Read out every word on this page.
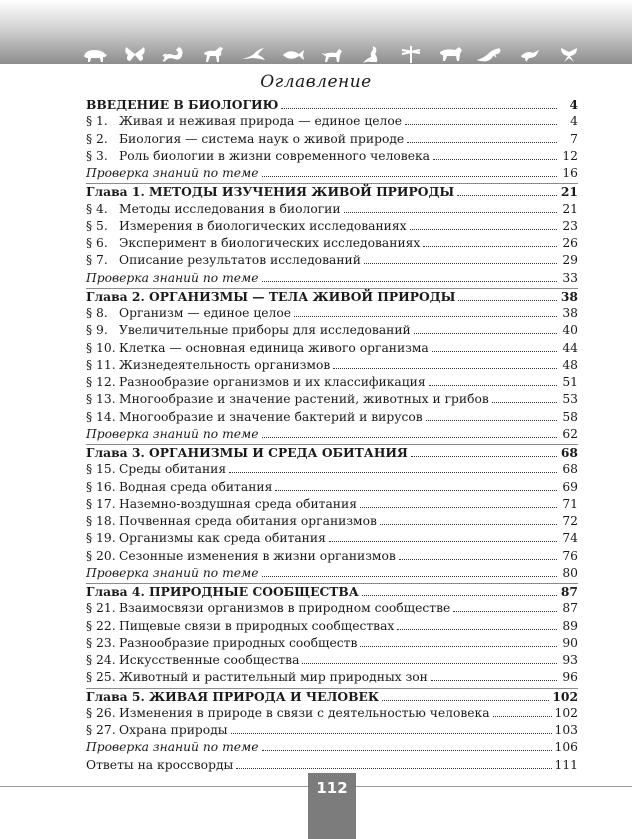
Оглавление
ВВЕДЕНИЕ В БИОЛОГИЮ	4
§ 1. Живая и неживая природа — единое целое	4
§ 2. Биология — система наук о живой природе	7
§ 3. Роль биологии в жизни современного человека	12
Проверка знаний по теме	16
Глава 1. МЕТОДЫ ИЗУЧЕНИЯ ЖИВОЙ ПРИРОДЫ	21
§ 4. Методы исследования в биологии	21
§ 5. Измерения в биологических исследованиях	23
§ 6. Эксперимент в биологических исследованиях	26
§ 7. Описание результатов исследований	29
Проверка знаний по теме	33
Глава 2. ОРГАНИЗМЫ — ТЕЛА ЖИВОЙ ПРИРОДЫ	38
§ 8. Организм — единое целое	38
§ 9. Увеличительные приборы для исследований	40
§ 10. Клетка — основная единица живого организма	44
§ 11. Жизнедеятельность организмов	48
§ 12. Разнообразие организмов и их классификация	51
§ 13. Многообразие и значение растений, животных и грибов	53
§ 14. Многообразие и значение бактерий и вирусов	58
Проверка знаний по теме	62
Глава 3. ОРГАНИЗМЫ И СРЕДА ОБИТАНИЯ	68
§ 15. Среды обитания	68
§ 16. Водная среда обитания	69
§ 17. Наземно-воздушная среда обитания	71
§ 18. Почвенная среда обитания организмов	72
§ 19. Организмы как среда обитания	74
§ 20. Сезонные изменения в жизни организмов	76
Проверка знаний по теме	80
Глава 4. ПРИРОДНЫЕ СООБЩЕСТВА	87
§ 21. Взаимосвязи организмов в природном сообществе	87
§ 22. Пищевые связи в природных сообществах	89
§ 23. Разнообразие природных сообществ	90
§ 24. Искусственные сообщества	93
§ 25. Животный и растительный мир природных зон	96
Глава 5. ЖИВАЯ ПРИРОДА И ЧЕЛОВЕК	102
§ 26. Изменения в природе в связи с деятельностью человека	102
§ 27. Охрана природы	103
Проверка знаний по теме	106
Ответы на кроссворды	111
112
